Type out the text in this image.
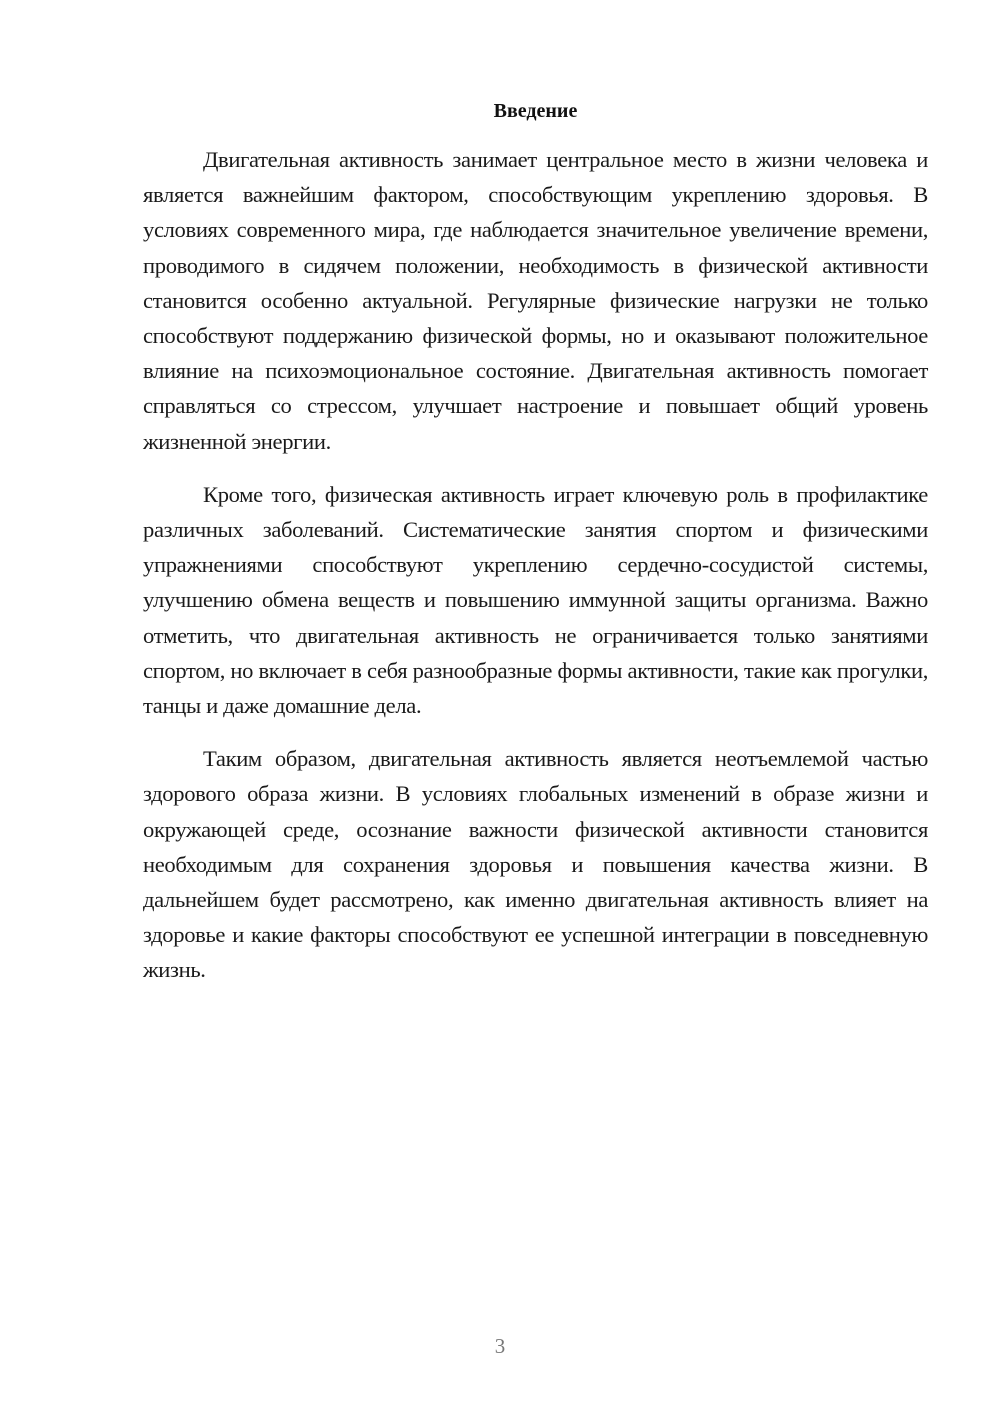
Введение

Двигательная активность занимает центральное место в жизни человека и является важнейшим фактором, способствующим укреплению здоровья. В условиях современного мира, где наблюдается значительное увеличение времени, проводимого в сидячем положении, необходимость в физической активности становится особенно актуальной. Регулярные физические нагрузки не только способствуют поддержанию физической формы, но и оказывают положительное влияние на психоэмоциональное состояние. Двигательная активность помогает справляться со стрессом, улучшает настроение и повышает общий уровень жизненной энергии.

Кроме того, физическая активность играет ключевую роль в профилактике различных заболеваний. Систематические занятия спортом и физическими упражнениями способствуют укреплению сердечно-сосудистой системы, улучшению обмена веществ и повышению иммунной защиты организма. Важно отметить, что двигательная активность не ограничивается только занятиями спортом, но включает в себя разнообразные формы активности, такие как прогулки, танцы и даже домашние дела.

Таким образом, двигательная активность является неотъемлемой частью здорового образа жизни. В условиях глобальных изменений в образе жизни и окружающей среде, осознание важности физической активности становится необходимым для сохранения здоровья и повышения качества жизни. В дальнейшем будет рассмотрено, как именно двигательная активность влияет на здоровье и какие факторы способствуют ее успешной интеграции в повседневную жизнь.

3
